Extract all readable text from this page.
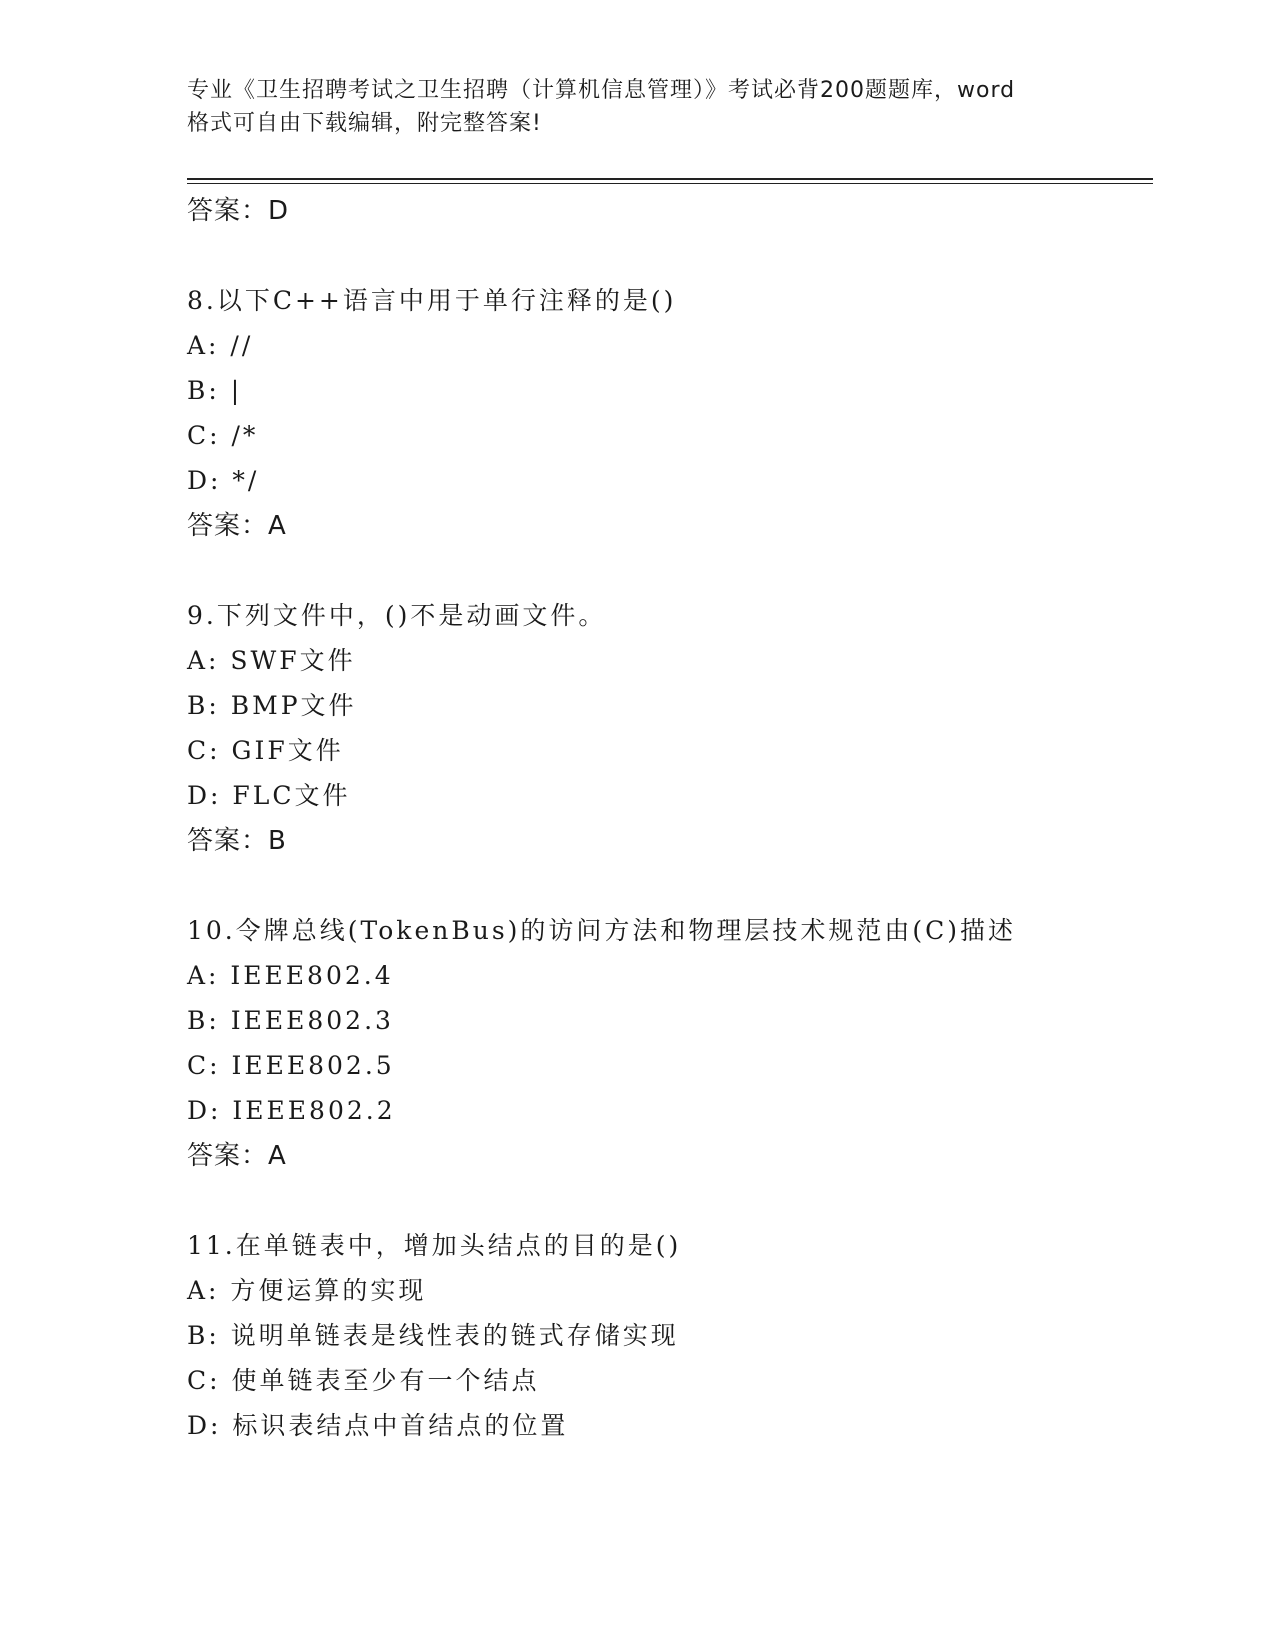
专业《卫生招聘考试之卫生招聘（计算机信息管理）》考试必背200题题库，word
格式可自由下载编辑，附完整答案!
答案：D
8.以下C++语言中用于单行注释的是()
A: //
B: |
C: /*
D: */
答案：A
9.下列文件中，()不是动画文件。
A: SWF文件
B: BMP文件
C: GIF文件
D: FLC文件
答案：B
10.令牌总线(TokenBus)的访问方法和物理层技术规范由(C)描述
A: IEEE802.4
B: IEEE802.3
C: IEEE802.5
D: IEEE802.2
答案：A
11.在单链表中，增加头结点的目的是()
A: 方便运算的实现
B: 说明单链表是线性表的链式存储实现
C: 使单链表至少有一个结点
D: 标识表结点中首结点的位置
